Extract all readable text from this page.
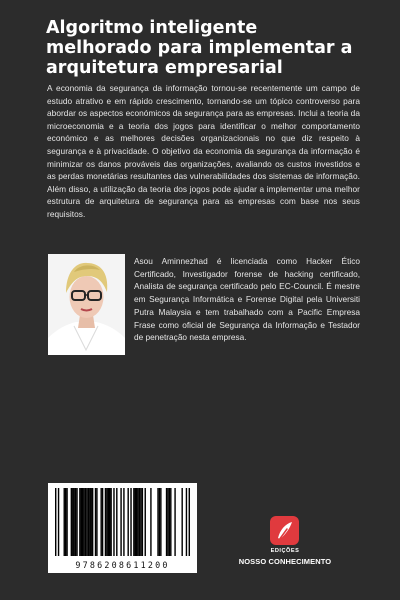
Algoritmo inteligente melhorado para implementar a arquitetura empresarial

A economia da segurança da informação tornou-se recentemente um campo de estudo atrativo e em rápido crescimento, tornando-se um tópico controverso para abordar os aspectos económicos da segurança para as empresas. Inclui a teoria da microeconomia e a teoria dos jogos para identificar o melhor comportamento económico e as melhores decisões organizacionais no que diz respeito à segurança e à privacidade. O objetivo da economia da segurança da informação é minimizar os danos prováveis das organizações, avaliando os custos investidos e as perdas monetárias resultantes das vulnerabilidades dos sistemas de informação. Além disso, a utilização da teoria dos jogos pode ajudar a implementar uma melhor estrutura de arquitetura de segurança para as empresas com base nos seus requisitos.

Asou Aminnezhad é licenciada como Hacker Ético Certificado, Investigador forense de hacking certificado, Analista de segurança certificado pelo EC-Council. É mestre em Segurança Informática e Forense Digital pela Universiti Putra Malaysia e tem trabalhado com a Pacific Empresa Frase como oficial de Segurança da Informação e Testador de penetração nesta empresa.

9786208611200
EDIÇÕES
NOSSO CONHECIMENTO
